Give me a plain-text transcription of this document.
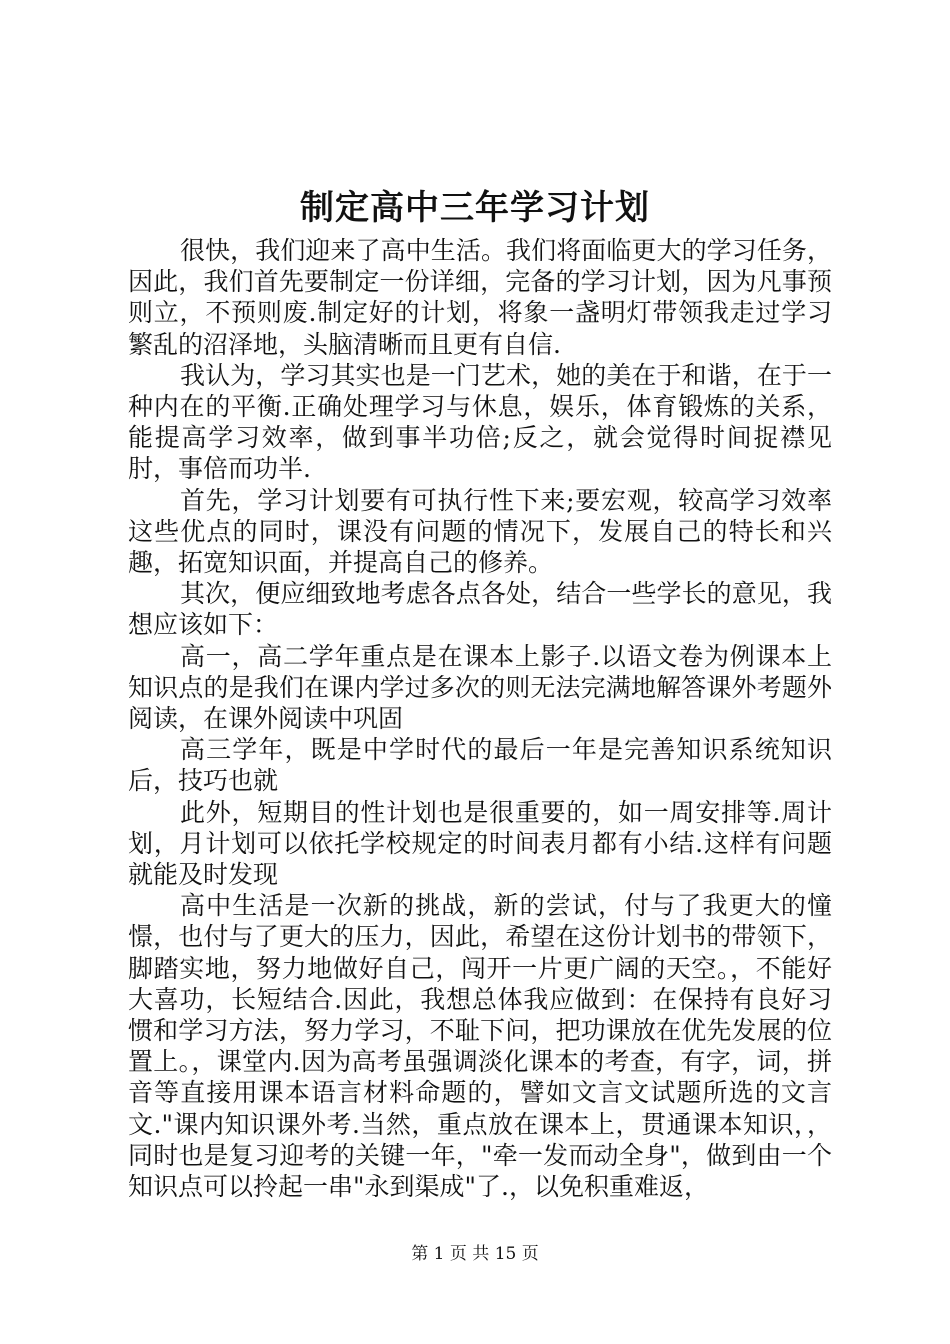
制定高中三年学习计划

很快，我们迎来了高中生活。我们将面临更大的学习任务，因此，我们首先要制定一份详细，完备的学习计划，因为凡事预则立，不预则废.制定好的计划，将象一盏明灯带领我走过学习繁乱的沼泽地，头脑清晰而且更有自信.

我认为，学习其实也是一门艺术，她的美在于和谐，在于一种内在的平衡.正确处理学习与休息，娱乐，体育锻炼的关系，能提高学习效率，做到事半功倍;反之，就会觉得时间捉襟见肘，事倍而功半.

首先，学习计划要有可执行性下来;要宏观，较高学习效率这些优点的同时，课没有问题的情况下，发展自己的特长和兴趣，拓宽知识面，并提高自己的修养。

其次，便应细致地考虑各点各处，结合一些学长的意见，我想应该如下：

高一，高二学年重点是在课本上影子.以语文卷为例课本上知识点的是我们在课内学过多次的则无法完满地解答课外考题外阅读，在课外阅读中巩固

高三学年，既是中学时代的最后一年是完善知识系统知识后，技巧也就

此外，短期目的性计划也是很重要的，如一周安排等.周计划，月计划可以依托学校规定的时间表月都有小结.这样有问题就能及时发现

高中生活是一次新的挑战，新的尝试，付与了我更大的憧憬，也付与了更大的压力，因此，希望在这份计划书的带领下，脚踏实地，努力地做好自己，闯开一片更广阔的天空。，不能好大喜功，长短结合.因此，我想总体我应做到：在保持有良好习惯和学习方法，努力学习，不耻下问，把功课放在优先发展的位置上。，课堂内.因为高考虽强调淡化课本的考查，有字，词，拼音等直接用课本语言材料命题的，譬如文言文试题所选的文言文."课内知识课外考.当然，重点放在课本上，贯通课本知识，，同时也是复习迎考的关键一年，"牵一发而动全身"，做到由一个知识点可以拎起一串"永到渠成"了.，以免积重难返，

第 1 页 共 15 页
